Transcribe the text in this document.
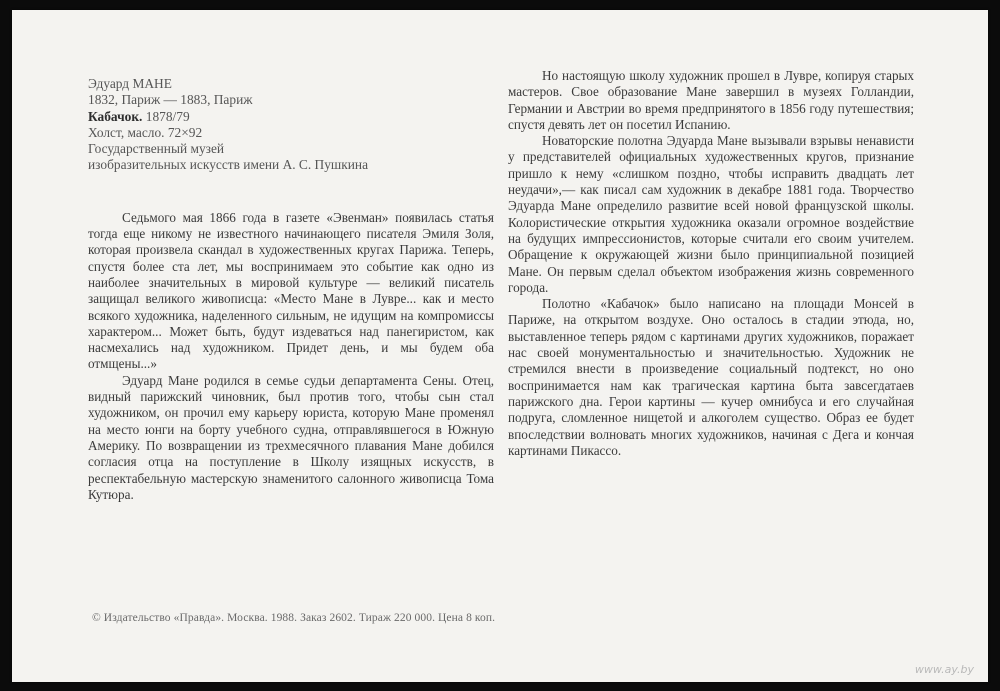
Эдуард МАНЕ

1832, Париж — 1883, Париж

Кабачок. 1878/79

Холст, масло. 72×92

Государственный музей

изобразительных искусств имени А. С. Пушкина

Седьмого мая 1866 года в газете «Эвенман» появилась статья тогда еще никому не известного начинающего писателя Эмиля Золя, которая произвела скандал в художественных кругах Парижа. Теперь, спустя более ста лет, мы воспринимаем это событие как одно из наиболее значительных в мировой культуре — великий писатель защищал великого живописца: «Место Мане в Лувре... как и место всякого художника, наделенного сильным, не идущим на компромиссы характером... Может быть, будут издеваться над панегиристом, как насмехались над художником. Придет день, и мы будем оба отмщены...»

Эдуард Мане родился в семье судьи департамента Сены. Отец, видный парижский чиновник, был против того, чтобы сын стал художником, он прочил ему карьеру юриста, которую Мане променял на место юнги на борту учебного судна, отправлявшегося в Южную Америку. По возвращении из трехмесячного плавания Мане добился согласия отца на поступление в Школу изящных искусств, в респектабельную мастерскую знаменитого салонного живописца Тома Кутюра.

Но настоящую школу художник прошел в Лувре, копируя старых мастеров. Свое образование Мане завершил в музеях Голландии, Германии и Австрии во время предпринятого в 1856 году путешествия; спустя девять лет он посетил Испанию.

Новаторские полотна Эдуарда Мане вызывали взрывы ненависти у представителей официальных художественных кругов, признание пришло к нему «слишком поздно, чтобы исправить двадцать лет неудачи»,— как писал сам художник в декабре 1881 года. Творчество Эдуарда Мане определило развитие всей новой французской школы. Колористические открытия художника оказали огромное воздействие на будущих импрессионистов, которые считали его своим учителем. Обращение к окружающей жизни было принципиальной позицией Мане. Он первым сделал объектом изображения жизнь современного города.

Полотно «Кабачок» было написано на площади Монсей в Париже, на открытом воздухе. Оно осталось в стадии этюда, но, выставленное теперь рядом с картинами других художников, поражает нас своей монументальностью и значительностью. Художник не стремился внести в произведение социальный подтекст, но оно воспринимается нам как трагическая картина быта завсегдатаев парижского дна. Герои картины — кучер омнибуса и его случайная подруга, сломленное нищетой и алкоголем существо. Образ ее будет впоследствии волновать многих художников, начиная с Дега и кончая картинами Пикассо.

© Издательство «Правда». Москва. 1988. Заказ 2602. Тираж 220 000. Цена 8 коп.
www.ay.by
